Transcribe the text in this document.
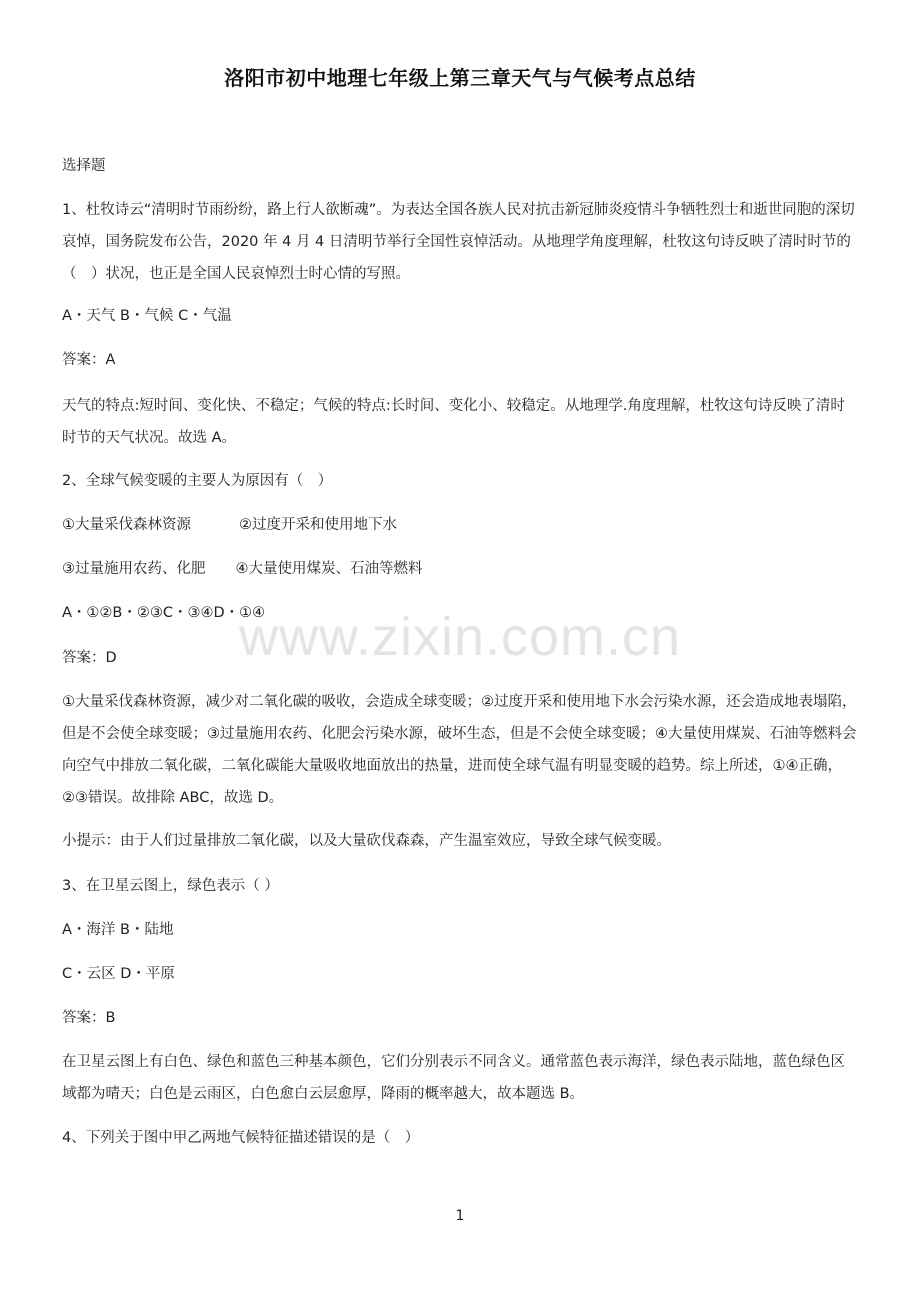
洛阳市初中地理七年级上第三章天气与气候考点总结

选择题

1、杜牧诗云“清明时节雨纷纷，路上行人欲断魂”。为表达全国各族人民对抗击新冠肺炎疫情斗争牺牲烈士和逝世同胞的深切哀悼，国务院发布公告，2020 年 4 月 4 日清明节举行全国性哀悼活动。从地理学角度理解，杜牧这句诗反映了清时时节的（　）状况，也正是全国人民哀悼烈士时心情的写照。

A・天气 B・气候 C・气温

答案：A

天气的特点:短时间、变化快、不稳定；气候的特点:长时间、变化小、较稳定。从地理学.角度理解，杜牧这句诗反映了清时时节的天气状况。故选 A。

2、全球气候变暖的主要人为原因有（　）

①大量采伐森林资源	②过度开采和使用地下水

③过量施用农药、化肥 ④大量使用煤炭、石油等燃料

A・①②B・②③C・③④D・①④

答案：D

①大量采伐森林资源，减少对二氧化碳的吸收，会造成全球变暖；②过度开采和使用地下水会污染水源，还会造成地表塌陷，但是不会使全球变暖；③过量施用农药、化肥会污染水源，破坏生态，但是不会使全球变暖；④大量使用煤炭、石油等燃料会向空气中排放二氧化碳，二氧化碳能大量吸收地面放出的热量，进而使全球气温有明显变暖的趋势。综上所述，①④正确，②③错误。故排除 ABC，故选 D。

小提示：由于人们过量排放二氧化碳，以及大量砍伐森森，产生温室效应，导致全球气候变暖。

3、在卫星云图上，绿色表示（ ）

A・海洋 B・陆地

C・云区 D・平原

答案：B

在卫星云图上有白色、绿色和蓝色三种基本颜色，它们分别表示不同含义。通常蓝色表示海洋，绿色表示陆地，蓝色绿色区域都为晴天；白色是云雨区，白色愈白云层愈厚，降雨的概率越大，故本题选 B。

4、下列关于图中甲乙两地气候特征描述错误的是（　）

www.zixin.com.cn
1
